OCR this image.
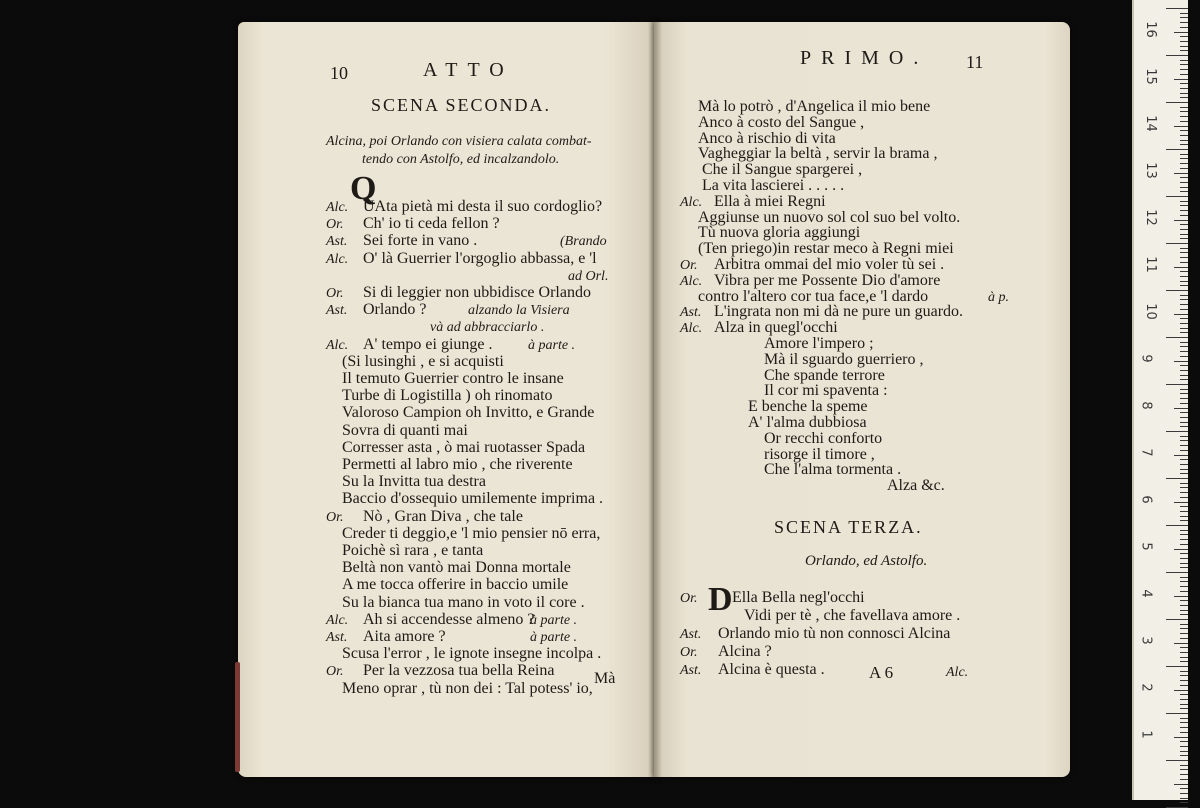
10	ATTO
SCENA SECONDA.
Alcina, poi Orlando con visiera calata combat-
tendo con Astolfo, ed incalzandolo.
Q
Alc. UAta pietà mi desta il suo cordoglio?
Or. Ch' io ti ceda fellon ?
Ast. Sei forte in vano .	(Brando
Alc. O' là Guerrier l'orgoglio abbassa, e 'l
ad Orl.
Or. Si di leggier non ubbidisce Orlando
Ast. Orlando ?	alzando la Visiera
và ad abbracciarlo .
Alc. A' tempo ei giunge .	à parte .
(Si lusinghi , e si acquisti
Il temuto Guerrier contro le insane
Turbe di Logistilla ) oh rinomato
Valoroso Campion oh Invitto, e Grande
Sovra di quanti mai
Corresser asta , ò mai ruotasser Spada
Permetti al labro mio , che riverente
Su la Invitta tua destra
Baccio d'ossequio umilemente imprima .
Or. Nò , Gran Diva , che tale
Creder ti deggio,e 'l mio pensier nō erra,
Poichè sì rara , e tanta
Beltà non vantò mai Donna mortale
A me tocca offerire in baccio umile
Su la bianca tua mano in voto il core .
Alc. Ah si accendesse almeno ?
à parte .
Ast. Aita amore ?	à parte .
Scusa l'error , le ignote insegne incolpa .
Or. Per la vezzosa tua bella Reina
Meno oprar , tù non dei : Tal potess' io,
Mà
PRIMO. 11
Mà lo potrò , d'Angelica il mio bene
Anco à costo del Sangue ,
Anco à rischio di vita
Vagheggiar la beltà , servir la brama ,
Che il Sangue spargerei ,
La vita lascierei . . . . .
Alc. Ella à miei Regni
Aggiunse un nuovo sol col suo bel volto.
Tù nuova gloria aggiungi
(Ten priego)in restar meco à Regni miei
Or. Arbitra ommai del mio voler tù sei .
Alc. Vibra per me Possente Dio d'amore
contro l'altero cor tua face,e 'l dardo	à p.
Ast. L'ingrata non mi dà ne pure un guardo.
Alc. Alza in quegl'occhi
Amore l'impero ;
Mà il sguardo guerriero ,
Che spande terrore
Il cor mi spaventa :
E benche la speme
A' l'alma dubbiosa
Or recchi conforto
risorge il timore ,
Che l'alma tormenta .
Alza &c.
SCENA TERZA.
Orlando, ed Astolfo.
D
Or. Ella Bella negl'occhi
Vidi per tè , che favellava amore .
Ast. Orlando mio tù non connosci Alcina
Or. Alcina ?
Ast. Alcina è questa .	A 6	Alc.
16
15
14
13
12
11
10
9
8
7
6
5
4
3
2
1
